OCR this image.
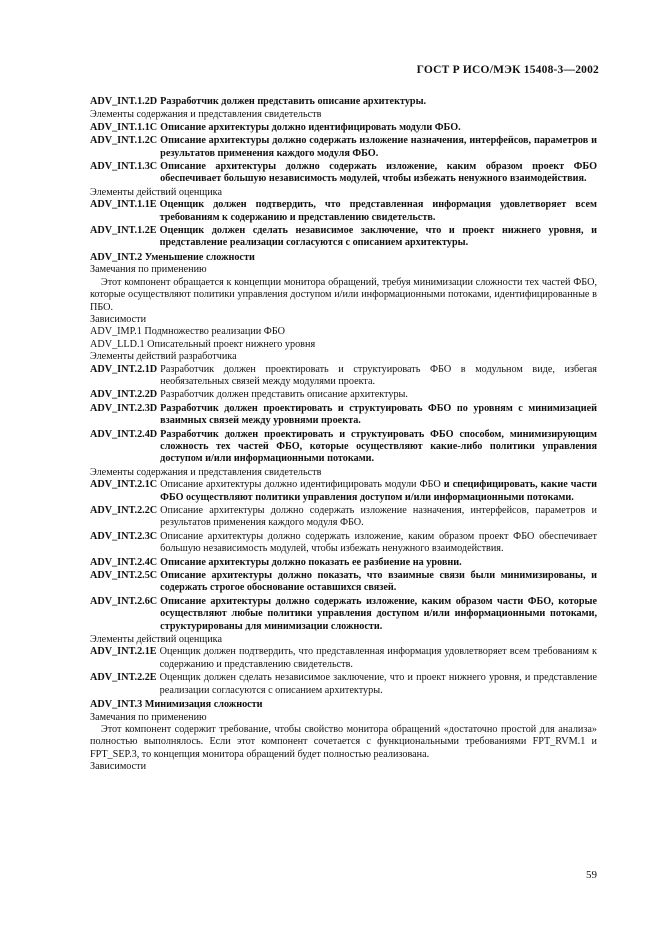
ГОСТ Р ИСО/МЭК 15408-3—2002
ADV_INT.1.2D Разработчик должен представить описание архитектуры.

Элементы содержания и представления свидетельств

ADV_INT.1.1C Описание архитектуры должно идентифицировать модули ФБО.
ADV_INT.1.2C Описание архитектуры должно содержать изложение назначения, интерфейсов, параметров и результатов применения каждого модуля ФБО.
ADV_INT.1.3C Описание архитектуры должно содержать изложение, каким образом проект ФБО обеспечивает большую независимость модулей, чтобы избежать ненужного взаимодействия.

Элементы действий оценщика

ADV_INT.1.1E Оценщик должен подтвердить, что представленная информация удовлетворяет всем требованиям к содержанию и представлению свидетельств.
ADV_INT.1.2E Оценщик должен сделать независимое заключение, что и проект нижнего уровня, и представление реализации согласуются с описанием архитектуры.

ADV_INT.2 Уменьшение сложности

Замечания по применению

Этот компонент обращается к концепции монитора обращений, требуя минимизации сложности тех частей ФБО, которые осуществляют политики управления доступом и/или информационными потоками, идентифицированные в ПБО.

Зависимости

ADV_IMP.1 Подмножество реализации ФБО

ADV_LLD.1 Описательный проект нижнего уровня

Элементы действий разработчика

ADV_INT.2.1D Разработчик должен проектировать и структуировать ФБО в модульном виде, избегая необязательных связей между модулями проекта.
ADV_INT.2.2D Разработчик должен представить описание архитектуры.
ADV_INT.2.3D Разработчик должен проектировать и структуировать ФБО по уровням с минимизацией взаимных связей между уровнями проекта.
ADV_INT.2.4D Разработчик должен проектировать и структуировать ФБО способом, минимизирующим сложность тех частей ФБО, которые осуществляют какие-либо политики управления доступом и/или информационными потоками.

Элементы содержания и представления свидетельств

ADV_INT.2.1C Описание архитектуры должно идентифицировать модули ФБО и специфицировать, какие части ФБО осуществляют политики управления доступом и/или информационными потоками.
ADV_INT.2.2C Описание архитектуры должно содержать изложение назначения, интерфейсов, параметров и результатов применения каждого модуля ФБО.
ADV_INT.2.3C Описание архитектуры должно содержать изложение, каким образом проект ФБО обеспечивает большую независимость модулей, чтобы избежать ненужного взаимодействия.
ADV_INT.2.4C Описание архитектуры должно показать ее разбиение на уровни.
ADV_INT.2.5C Описание архитектуры должно показать, что взаимные связи были минимизированы, и содержать строгое обоснование оставшихся связей.
ADV_INT.2.6C Описание архитектуры должно содержать изложение, каким образом части ФБО, которые осуществляют любые политики управления доступом и/или информационными потоками, структурированы для минимизации сложности.

Элементы действий оценщика

ADV_INT.2.1E Оценщик должен подтвердить, что представленная информация удовлетворяет всем требованиям к содержанию и представлению свидетельств.
ADV_INT.2.2E Оценщик должен сделать независимое заключение, что и проект нижнего уровня, и представление реализации согласуются с описанием архитектуры.

ADV_INT.3 Минимизация сложности

Замечания по применению

Этот компонент содержит требование, чтобы свойство монитора обращений «достаточно простой для анализа» полностью выполнялось. Если этот компонент сочетается с функциональными требованиями FPT_RVM.1 и FPT_SEP.3, то концепция монитора обращений будет полностью реализована.

Зависимости

59
